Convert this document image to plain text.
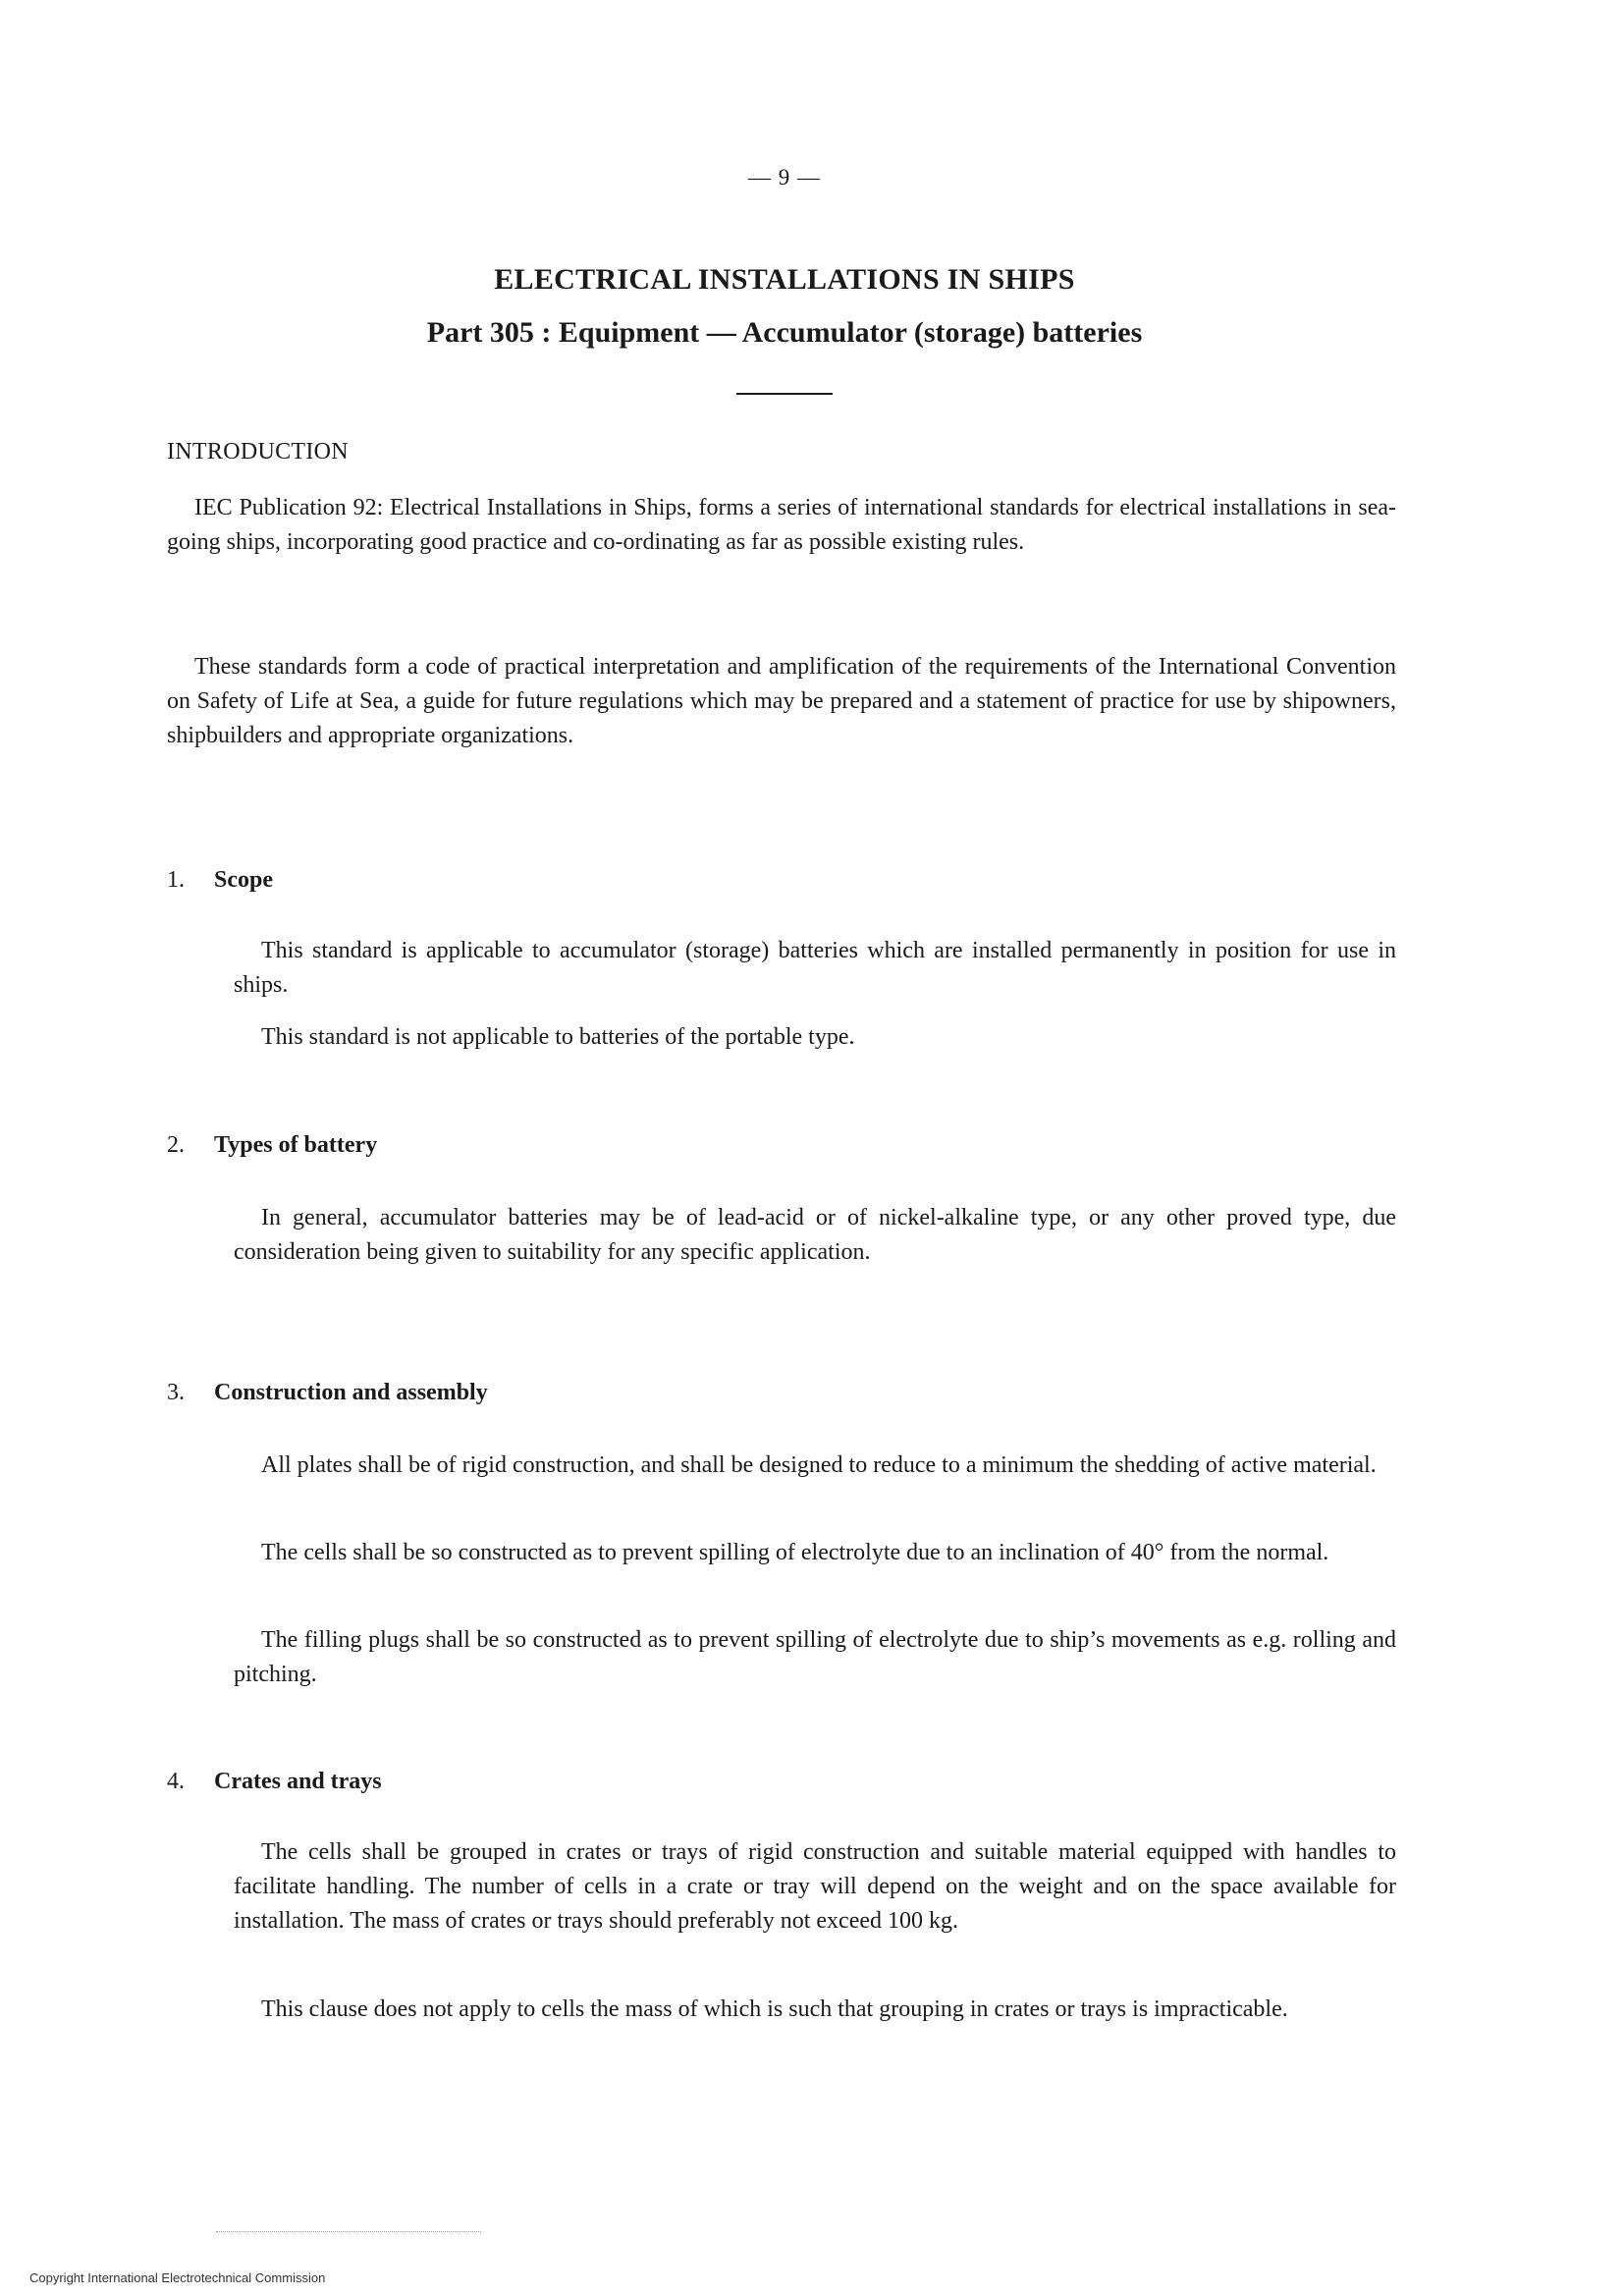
— 9 —
ELECTRICAL INSTALLATIONS IN SHIPS
Part 305 : Equipment — Accumulator (storage) batteries
INTRODUCTION

IEC Publication 92: Electrical Installations in Ships, forms a series of international standards for electrical installations in sea-going ships, incorporating good practice and co-ordinating as far as possible existing rules.

These standards form a code of practical interpretation and amplification of the requirements of the International Convention on Safety of Life at Sea, a guide for future regulations which may be prepared and a statement of practice for use by shipowners, shipbuilders and appropriate organizations.

1. Scope

This standard is applicable to accumulator (storage) batteries which are installed permanently in position for use in ships.

This standard is not applicable to batteries of the portable type.

2. Types of battery

In general, accumulator batteries may be of lead-acid or of nickel-alkaline type, or any other proved type, due consideration being given to suitability for any specific application.

3. Construction and assembly

All plates shall be of rigid construction, and shall be designed to reduce to a minimum the shedding of active material.

The cells shall be so constructed as to prevent spilling of electrolyte due to an inclination of 40° from the normal.

The filling plugs shall be so constructed as to prevent spilling of electrolyte due to ship’s movements as e.g. rolling and pitching.

4. Crates and trays

The cells shall be grouped in crates or trays of rigid construction and suitable material equipped with handles to facilitate handling. The number of cells in a crate or tray will depend on the weight and on the space available for installation. The mass of crates or trays should preferably not exceed 100 kg.

This clause does not apply to cells the mass of which is such that grouping in crates or trays is impracticable.

Copyright International Electrotechnical Commission
